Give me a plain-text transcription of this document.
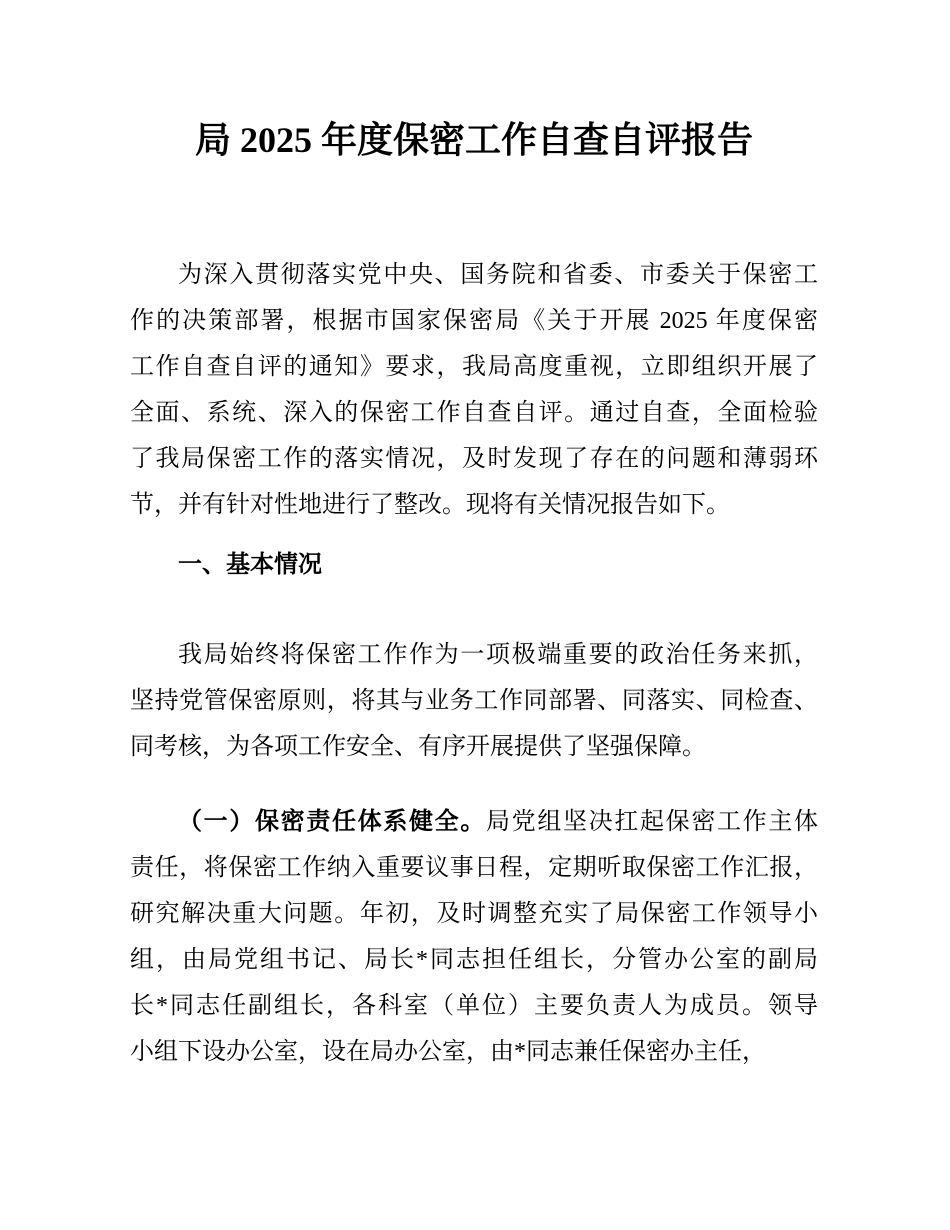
局 2025 年度保密工作自查自评报告
为深入贯彻落实党中央、国务院和省委、市委关于保密工
作的决策部署，根据市国家保密局《关于开展 2025 年度保密
工作自查自评的通知》要求，我局高度重视，立即组织开展了
全面、系统、深入的保密工作自查自评。通过自查，全面检验
了我局保密工作的落实情况，及时发现了存在的问题和薄弱环
节，并有针对性地进行了整改。现将有关情况报告如下。
一、基本情况
我局始终将保密工作作为一项极端重要的政治任务来抓，
坚持党管保密原则，将其与业务工作同部署、同落实、同检查、
同考核，为各项工作安全、有序开展提供了坚强保障。
（一）保密责任体系健全。局党组坚决扛起保密工作主体
责任，将保密工作纳入重要议事日程，定期听取保密工作汇报，
研究解决重大问题。年初，及时调整充实了局保密工作领导小
组，由局党组书记、局长*同志担任组长，分管办公室的副局
长*同志任副组长，各科室（单位）主要负责人为成员。领导
小组下设办公室，设在局办公室，由*同志兼任保密办主任，
